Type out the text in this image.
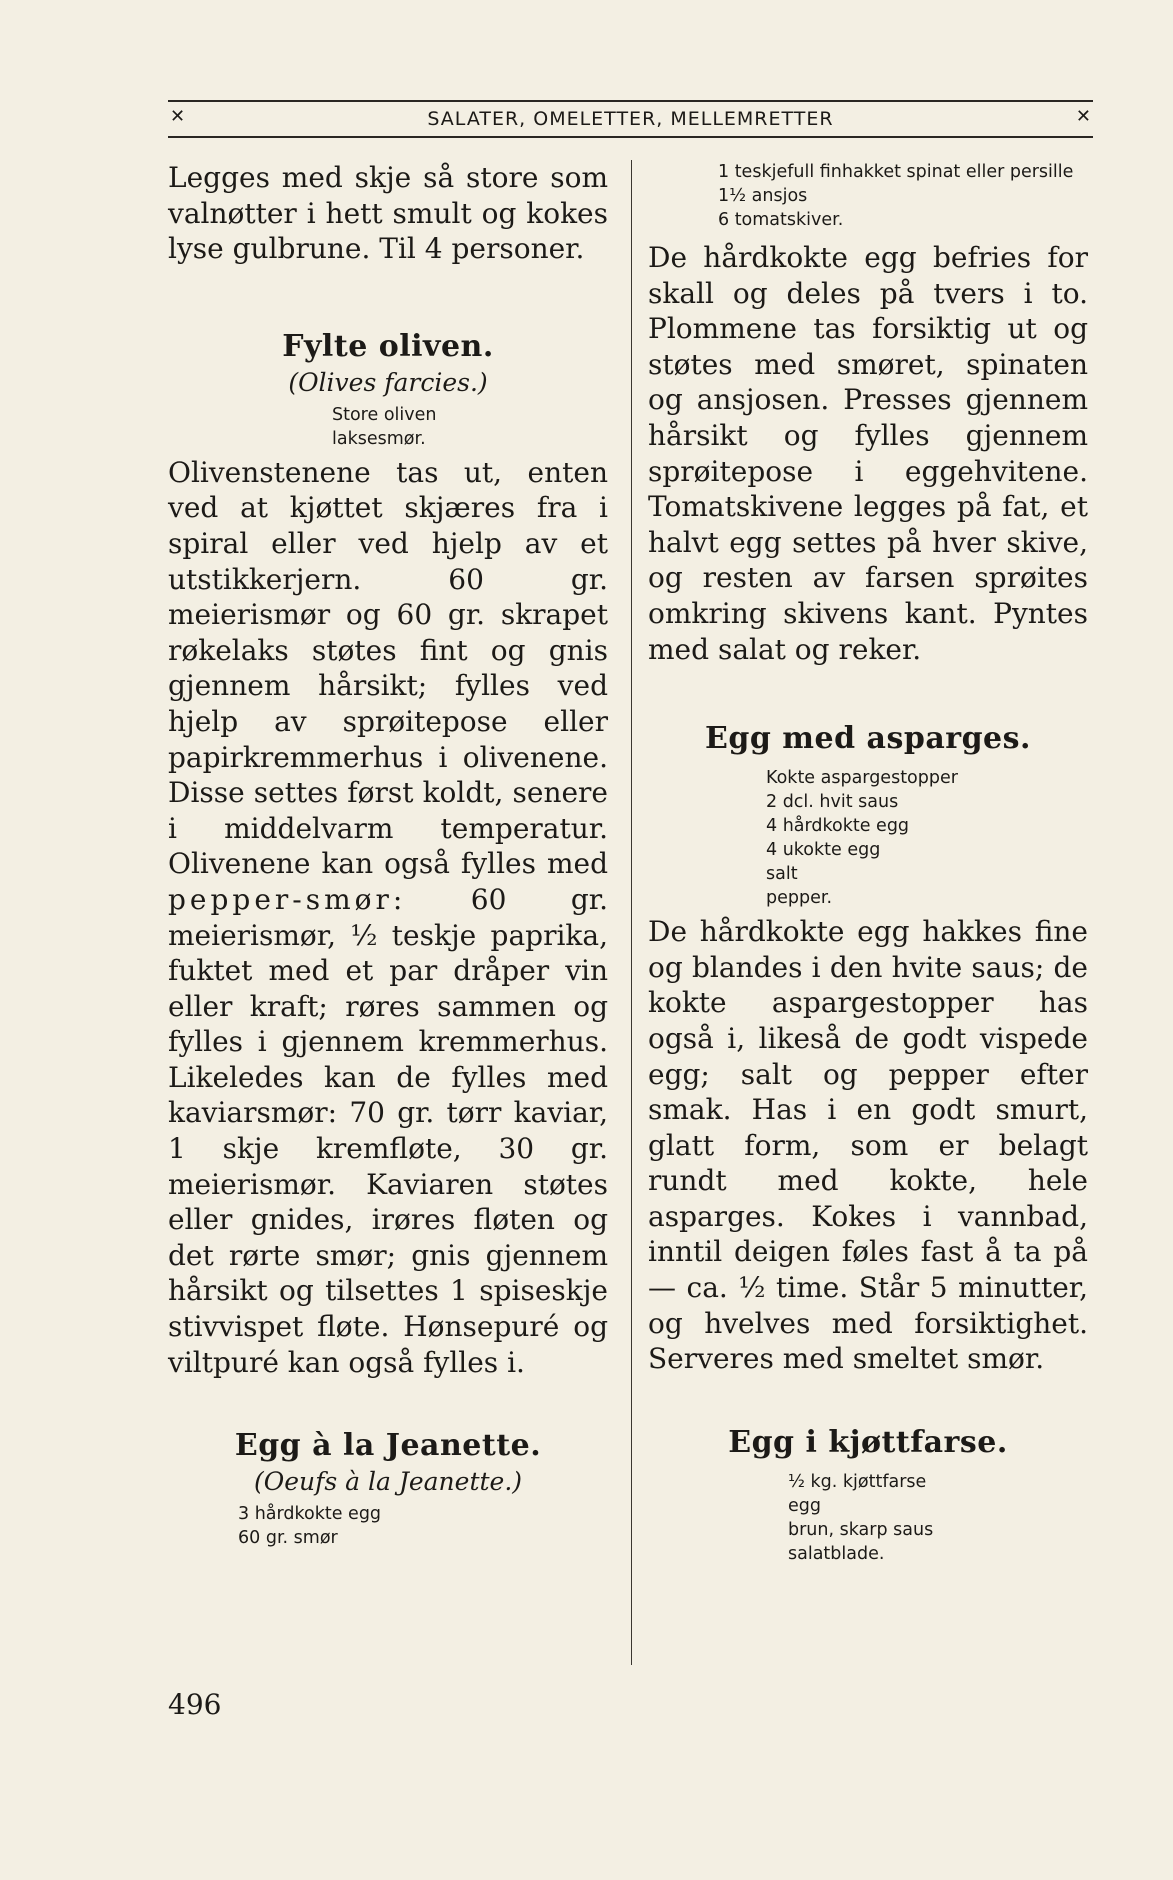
✕	SALATER, OMELETTER, MELLEMRETTER	✕

Legges med skje så store som valnøtter i hett smult og kokes lyse gulbrune. Til 4 personer.

Fylte oliven.
(Olives farcies.)
Store oliven
laksesmør.

Olivenstenene tas ut, enten ved at kjøttet skjæres fra i spiral eller ved hjelp av et utstikkerjern. 60 gr. meierismør og 60 gr. skrapet røkelaks støtes fint og gnis gjennem hårsikt; fylles ved hjelp av sprøitepose eller papirkremmerhus i olivenene. Disse settes først koldt, senere i middelvarm temperatur. Olivenene kan også fylles med pepper-smør: 60 gr. meierismør, ½ teskje paprika, fuktet med et par dråper vin eller kraft; røres sammen og fylles i gjennem kremmerhus. Likeledes kan de fylles med kaviarsmør: 70 gr. tørr kaviar, 1 skje kremfløte, 30 gr. meierismør. Kaviaren støtes eller gnides, irøres fløten og det rørte smør; gnis gjennem hårsikt og tilsettes 1 spiseskje stivvispet fløte. Hønsepuré og viltpuré kan også fylles i.

Egg à la Jeanette.
(Oeufs à la Jeanette.)
3 hårdkokte egg
60 gr. smør
1 teskjefull finhakket spinat eller persille
1½ ansjos
6 tomatskiver.

De hårdkokte egg befries for skall og deles på tvers i to. Plommene tas forsiktig ut og støtes med smøret, spinaten og ansjosen. Presses gjennem hårsikt og fylles gjennem sprøitepose i eggehvitene. Tomatskivene legges på fat, et halvt egg settes på hver skive, og resten av farsen sprøites omkring skivens kant. Pyntes med salat og reker.

Egg med asparges.
Kokte aspargestopper
2 dcl. hvit saus
4 hårdkokte egg
4 ukokte egg
salt
pepper.

De hårdkokte egg hakkes fine og blandes i den hvite saus; de kokte aspargestopper has også i, likeså de godt vispede egg; salt og pepper efter smak. Has i en godt smurt, glatt form, som er belagt rundt med kokte, hele asparges. Kokes i vannbad, inntil deigen føles fast å ta på — ca. ½ time. Står 5 minutter, og hvelves med forsiktighet. Serveres med smeltet smør.

Egg i kjøttfarse.
½ kg. kjøttfarse
egg
brun, skarp saus
salatblade.
496
